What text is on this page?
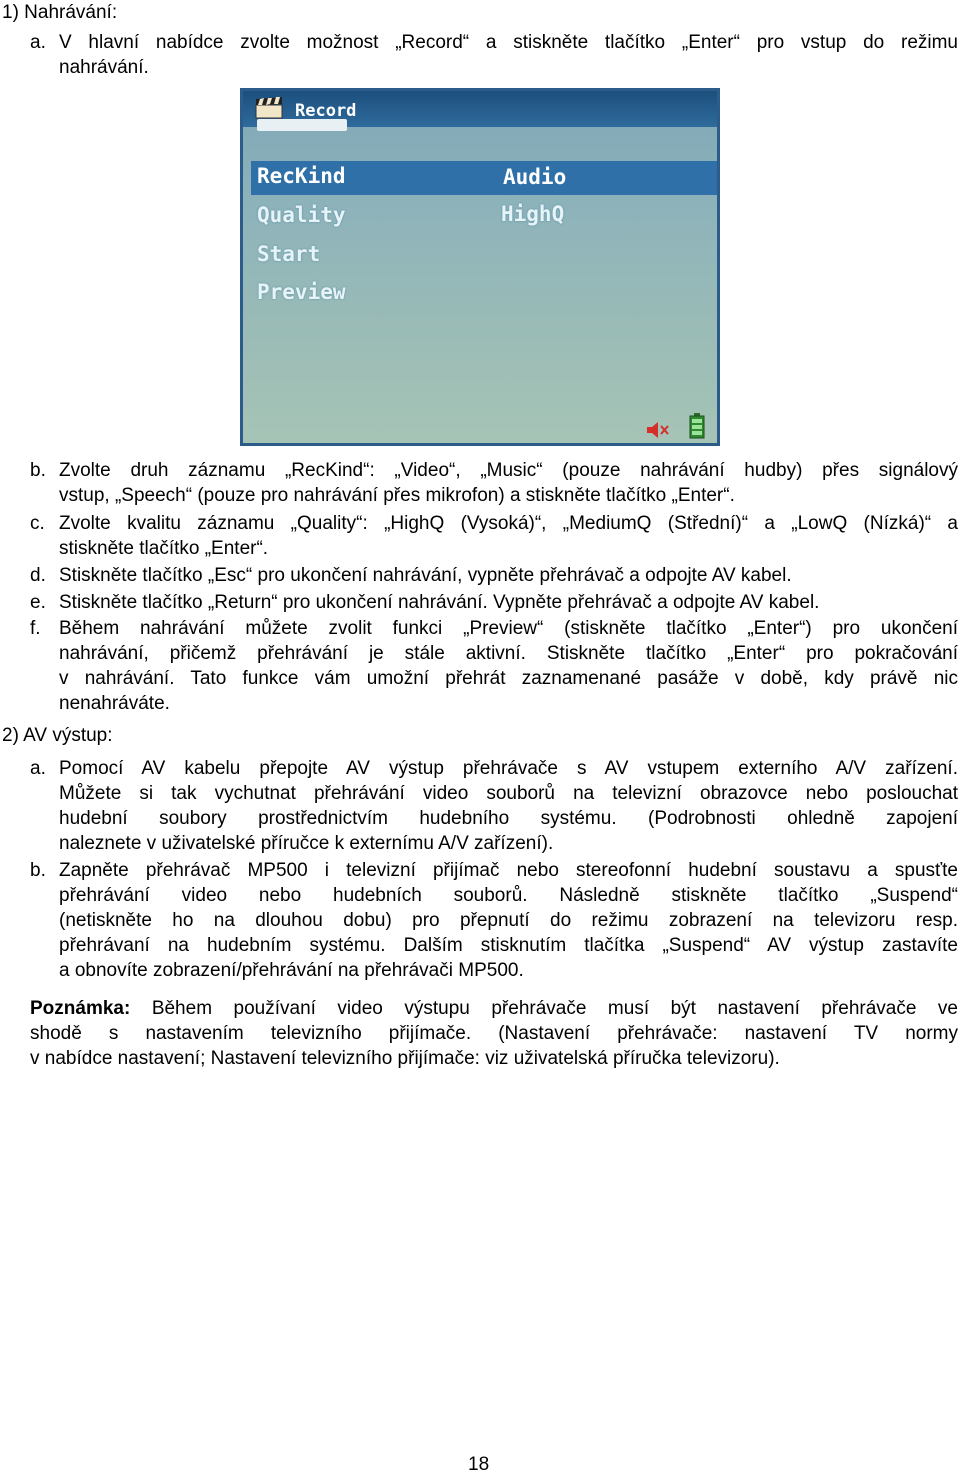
1) Nahrávání:
a. V hlavní nabídce zvolte možnost „Record“ a stiskněte tlačítko „Enter“ pro vstup do režimu
nahrávání.
Record
RecKind	Audio
Quality	HighQ
Start
Preview
b. Zvolte druh záznamu „RecKind“: „Video“, „Music“ (pouze nahrávání hudby) přes signálový
vstup, „Speech“ (pouze pro nahrávání přes mikrofon) a stiskněte tlačítko „Enter“.
c. Zvolte kvalitu záznamu „Quality“: „HighQ (Vysoká)“, „MediumQ (Střední)“ a „LowQ (Nízká)“ a
stiskněte tlačítko „Enter“.
d. Stiskněte tlačítko „Esc“ pro ukončení nahrávání, vypněte přehrávač a odpojte AV kabel.
e. Stiskněte tlačítko „Return“ pro ukončení nahrávání. Vypněte přehrávač a odpojte AV kabel.
f. Během nahrávání můžete zvolit funkci „Preview“ (stiskněte tlačítko „Enter“) pro ukončení
nahrávání, přičemž přehrávání je stále aktivní. Stiskněte tlačítko „Enter“ pro pokračování
v nahrávání. Tato funkce vám umožní přehrát zaznamenané pasáže v době, kdy právě nic
nenahráváte.
2) AV výstup:
a. Pomocí AV kabelu přepojte AV výstup přehrávače s AV vstupem externího A/V zařízení.
Můžete si tak vychutnat přehrávání video souborů na televizní obrazovce nebo poslouchat
hudební soubory prostřednictvím hudebního systému. (Podrobnosti ohledně zapojení
naleznete v uživatelské příručce k externímu A/V zařízení).
b. Zapněte přehrávač MP500 i televizní přijímač nebo stereofonní hudební soustavu a spusťte
přehrávání video nebo hudebních souborů. Následně stiskněte tlačítko „Suspend“
(netiskněte ho na dlouhou dobu) pro přepnutí do režimu zobrazení na televizoru resp.
přehrávaní na hudebním systému. Dalším stisknutím tlačítka „Suspend“ AV výstup zastavíte
a obnovíte zobrazení/přehrávání na přehrávači MP500.
Poznámka: Během používaní video výstupu přehrávače musí být nastavení přehrávače ve
shodě s nastavením televizního přijímače. (Nastavení přehrávače: nastavení TV normy
v nabídce nastavení; Nastavení televizního přijímače: viz uživatelská příručka televizoru).
18
